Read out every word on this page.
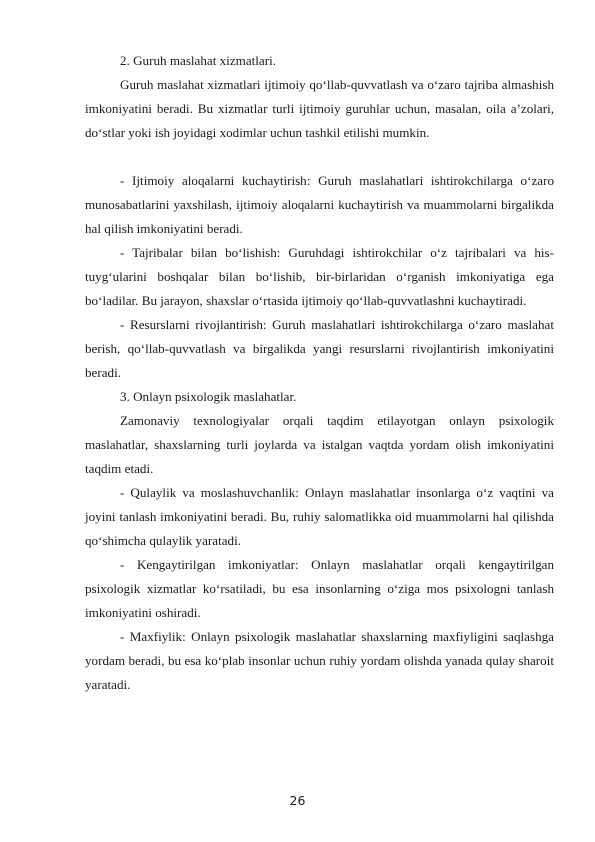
2. Guruh maslahat xizmatlari.

Guruh maslahat xizmatlari ijtimoiy qo‘llab-quvvatlash va o‘zaro tajriba almashish imkoniyatini beradi. Bu xizmatlar turli ijtimoiy guruhlar uchun, masalan, oila a’zolari, do‘stlar yoki ish joyidagi xodimlar uchun tashkil etilishi mumkin.

- Ijtimoiy aloqalarni kuchaytirish: Guruh maslahatlari ishtirokchilarga o‘zaro munosabatlarini yaxshilash, ijtimoiy aloqalarni kuchaytirish va muammolarni birgalikda hal qilish imkoniyatini beradi.

- Tajribalar bilan bo‘lishish: Guruhdagi ishtirokchilar o‘z tajribalari va his-tuyg‘ularini boshqalar bilan bo‘lishib, bir-birlaridan o‘rganish imkoniyatiga ega bo‘ladilar. Bu jarayon, shaxslar o‘rtasida ijtimoiy qo‘llab-quvvatlashni kuchaytiradi.

- Resurslarni rivojlantirish: Guruh maslahatlari ishtirokchilarga o‘zaro maslahat berish, qo‘llab-quvvatlash va birgalikda yangi resurslarni rivojlantirish imkoniyatini beradi.

3. Onlayn psixologik maslahatlar.

Zamonaviy texnologiyalar orqali taqdim etilayotgan onlayn psixologik maslahatlar, shaxslarning turli joylarda va istalgan vaqtda yordam olish imkoniyatini taqdim etadi.

- Qulaylik va moslashuvchanlik: Onlayn maslahatlar insonlarga o‘z vaqtini va joyini tanlash imkoniyatini beradi. Bu, ruhiy salomatlikka oid muammolarni hal qilishda qo‘shimcha qulaylik yaratadi.

- Kengaytirilgan imkoniyatlar: Onlayn maslahatlar orqali kengaytirilgan psixologik xizmatlar ko‘rsatiladi, bu esa insonlarning o‘ziga mos psixologni tanlash imkoniyatini oshiradi.

- Maxfiylik: Onlayn psixologik maslahatlar shaxslarning maxfiyligini saqlashga yordam beradi, bu esa ko‘plab insonlar uchun ruhiy yordam olishda yanada qulay sharoit yaratadi.

26
